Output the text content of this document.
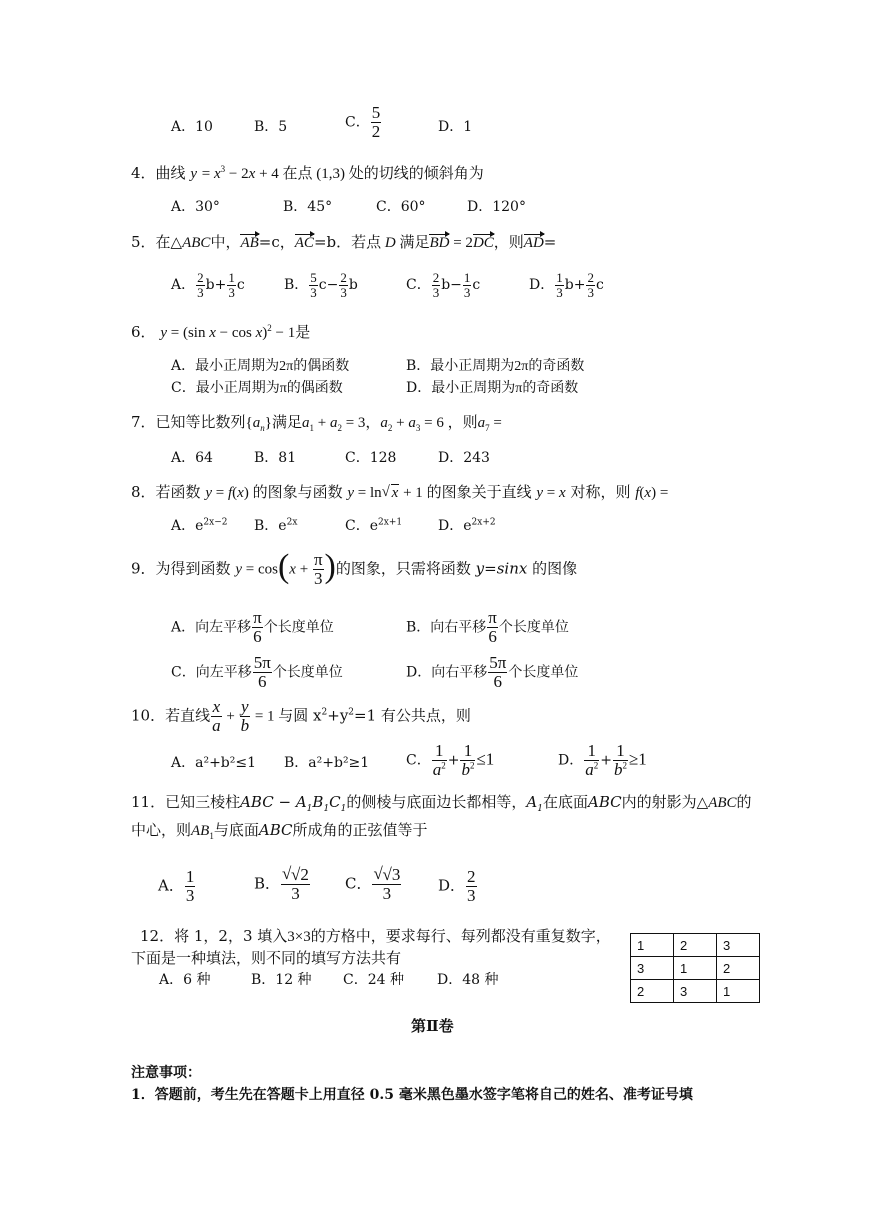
A．10	B．5	C． $\frac{5}{2}$	D．1
4．曲线 $y = x^3 - 2x + 4$ 在点 (1,3) 处的切线的倾斜角为
A．30°	B．45°	C．60°	D．120°
5．在△ABC中，AB=c，AC=b．若点 D 满足BD = 2DC，则AD=
A． $\frac{2}{3} b+ \frac{1}{3}$ c	B． $\frac{5}{3} c- \frac{2}{3}$ b	C． $\frac{2}{3} b- \frac{1}{3}$ c	D． $\frac{1}{3} b+ \frac{2}{3}$ c
6． y = (sin x − cos x)$^2$ − 1是
A．最小正周期为2π的偶函数	B．最小正周期为2π的奇函数
C．最小正周期为π的偶函数	D．最小正周期为π的奇函数
7．已知等比数列$\{a_n\}$满足$a_1 + a_2 = 3$，$a_2 + a_3 = 6$ ，则$a_7$ =
A．64	B．81	C．128	D．243
8．若函数 y = f(x) 的图象与函数 y = ln √ x + 1 的图象关于直线 y = x 对称，则 f(x) =
A．$e^{2x-2}$ B．$e^{2x}$	C．$e^{2x+1}$	D．$e^{2x+2}$
9．为得到函数 $y = \cos(x + \frac{\pi}{3}$ )的图象，只需将函数 y=sinx 的图像
A．向左平移 $\frac{\pi}{6}$ 个长度单位	B．向右平移 $\frac{\pi}{6}$ 个长度单位
C．向左平移 $\frac{5\pi}{6}$ 个长度单位	D．向右平移 $\frac{5\pi}{6}$ 个长度单位
10．若直线 $\frac{x}{a} + \frac{y}{b} = 1$ 与圆 $x^2+y^2=1$ 有公共点，则
A．a²+b²≤1 B．a²+b²≥1	C． $\frac{1}{a^2} + \frac{1}{b^2} \le 1$	D． $\frac{1}{a^2} + \frac{1}{b^2} \ge 1$
11．已知三棱柱ABC − $A_1B_1C_1$的侧棱与底面边长都相等，$A_1$在底面ABC内的射影为△ABC的
中心，则$AB_1$与底面ABC所成角的正弦值等于
A． $\frac{1}{3}$	B． √ $\frac{√2}{3}$ C． √ $\frac{√3}{3}$ D． $\frac{2}{3}$
12．将 1，2，3 填入3×3的方格中，要求每行、每列都没有重复数字，
下面是一种填法，则不同的填写方法共有
A．6 种	B．12 种 C．24 种 D．48 种
1	2	3
3	1	2
2	3	1
第Ⅱ卷
注意事项：
1．答题前，考生先在答题卡上用直径 0.5 毫米黑色墨水签字笔将自己的姓名、准考证号填
